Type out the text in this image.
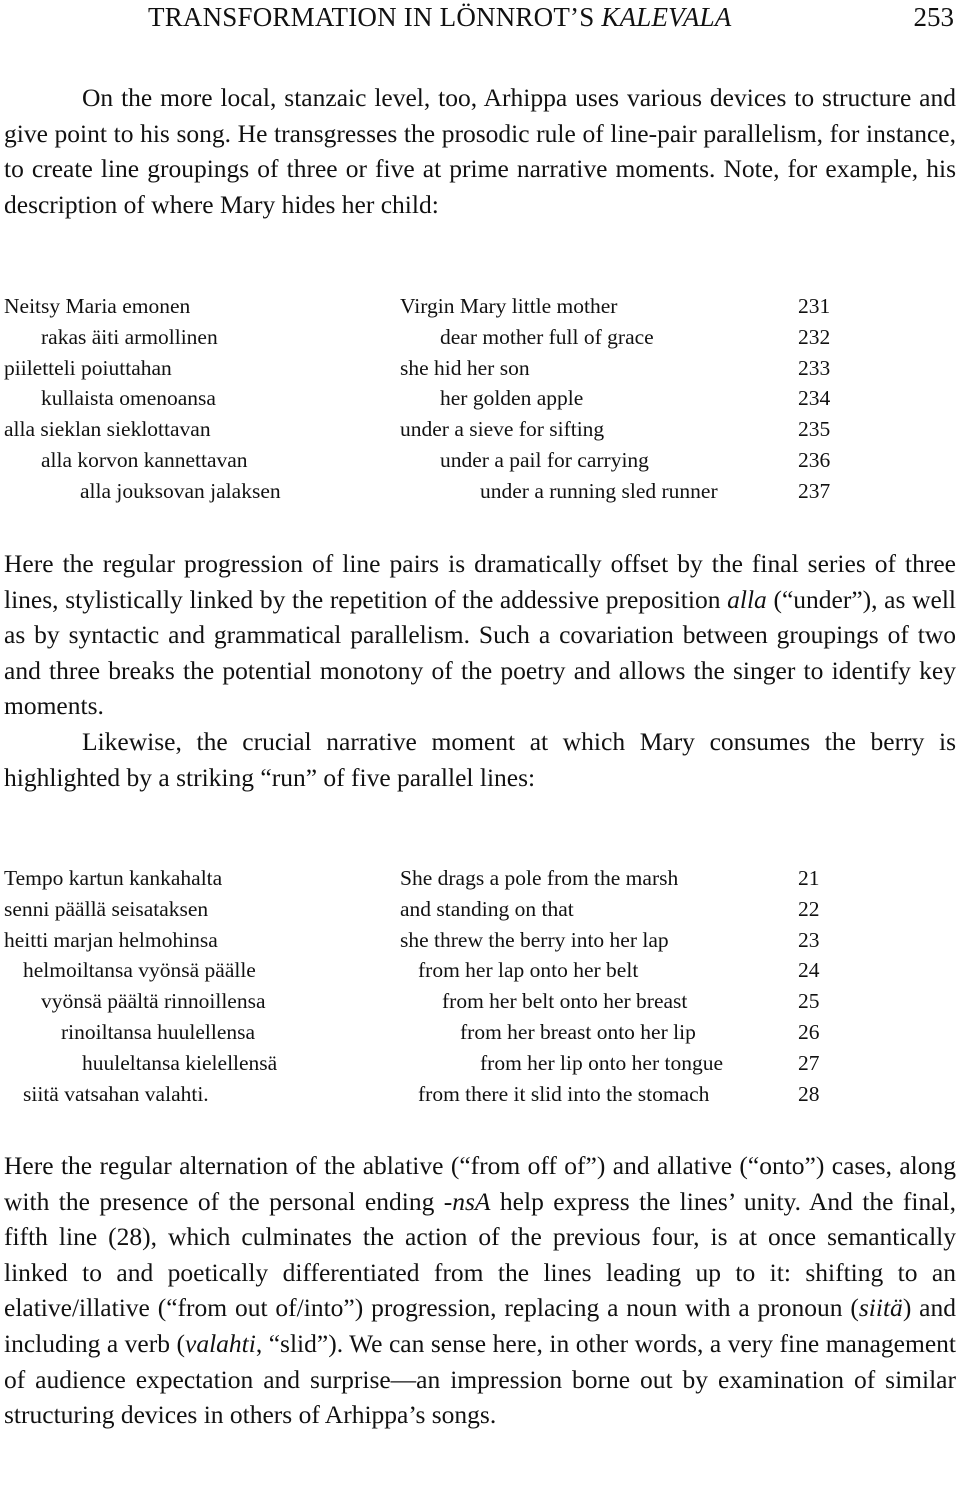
TRANSFORMATION IN LÖNNROT’S KALEVALA	253

On the more local, stanzaic level, too, Arhippa uses various devices to structure and give point to his song. He transgresses the prosodic rule of line-pair parallelism, for instance, to create line groupings of three or five at prime narrative moments. Note, for example, his description of where Mary hides her child:

Neitsy Maria emonen	Virgin Mary little mother	231
rakas äiti armollinen	dear mother full of grace	232
piiletteli poiuttahan	she hid her son	233
kullaista omenoansa	her golden apple	234
alla sieklan sieklottavan	under a sieve for sifting	235
alla korvon kannettavan	under a pail for carrying	236
alla jouksovan jalaksen	under a running sled runner	237

Here the regular progression of line pairs is dramatically offset by the final series of three lines, stylistically linked by the repetition of the addessive preposition alla (“under”), as well as by syntactic and grammatical parallelism. Such a covariation between groupings of two and three breaks the potential monotony of the poetry and allows the singer to identify key moments.

Likewise, the crucial narrative moment at which Mary consumes the berry is highlighted by a striking “run” of five parallel lines:

Tempo kartun kankahalta	She drags a pole from the marsh	21
senni päällä seisataksen	and standing on that	22
heitti marjan helmohinsa	she threw the berry into her lap	23
helmoiltansa vyönsä päälle	from her lap onto her belt	24
vyönsä päältä rinnoillensa	from her belt onto her breast	25
rinoiltansa huulellensa	from her breast onto her lip	26
huuleltansa kielellensä	from her lip onto her tongue	27
siitä vatsahan valahti.	from there it slid into the stomach	28

Here the regular alternation of the ablative (“from off of”) and allative (“onto”) cases, along with the presence of the personal ending -nsA help express the lines’ unity. And the final, fifth line (28), which culminates the action of the previous four, is at once semantically linked to and poetically differentiated from the lines leading up to it: shifting to an elative/illative (“from out of/into”) progression, replacing a noun with a pronoun (siitä) and including a verb (valahti, “slid”). We can sense here, in other words, a very fine management of audience expectation and surprise—an impression borne out by examination of similar structuring devices in others of Arhippa’s songs.
